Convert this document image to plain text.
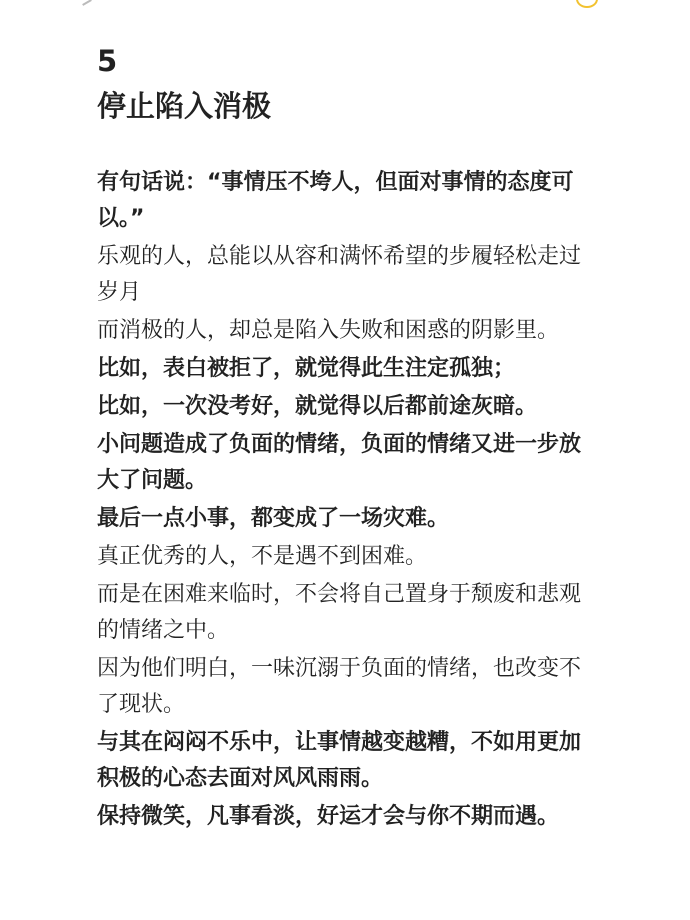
5
停止陷入消极

有句话说：“事情压不垮人，但面对事情的态度可以。”

乐观的人，总能以从容和满怀希望的步履轻松走过岁月

而消极的人，却总是陷入失败和困惑的阴影里。

比如，表白被拒了，就觉得此生注定孤独；

比如，一次没考好，就觉得以后都前途灰暗。

小问题造成了负面的情绪，负面的情绪又进一步放大了问题。

最后一点小事，都变成了一场灾难。

真正优秀的人，不是遇不到困难。

而是在困难来临时，不会将自己置身于颓废和悲观的情绪之中。

因为他们明白，一味沉溺于负面的情绪，也改变不了现状。

与其在闷闷不乐中，让事情越变越糟，不如用更加积极的心态去面对风风雨雨。

保持微笑，凡事看淡，好运才会与你不期而遇。
